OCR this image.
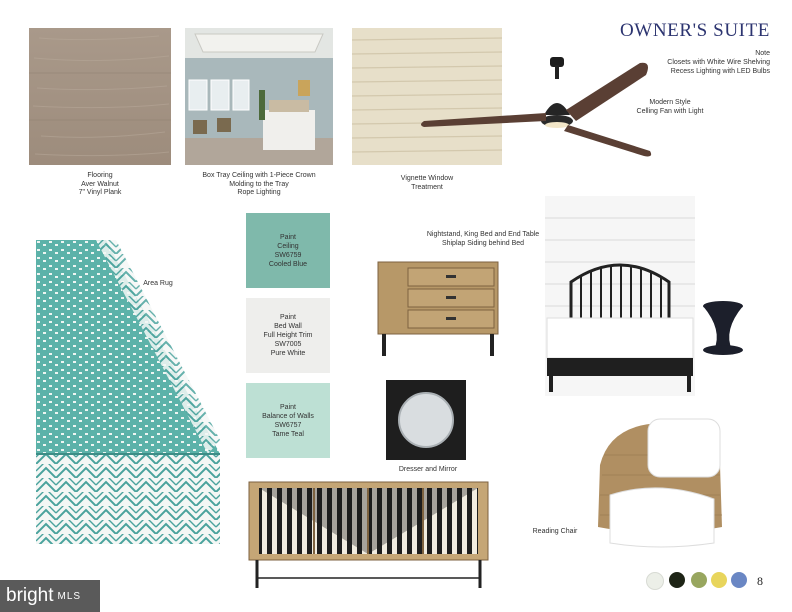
OWNER'S SUITE
Note
Closets with White Wire Shelving
Recess Lighting with LED Bulbs
Flooring
Aver Walnut
7" Vinyl Plank
Box Tray Ceiling with 1-Piece Crown
Molding to the Tray
Rope Lighting
Vignette Window
Treatment
Modern Style
Celling Fan with Light
Area Rug
Paint
Ceiling
SW6759
Cooled Blue
Paint
Bed Wall
Full Height Trim
SW7005
Pure White
Paint
Balance of Walls
SW6757
Tame Teal
Nightstand, King Bed and End Table
Shiplap Siding behind Bed
Dresser and Mirror
Reading Chair
8
bright MLS
